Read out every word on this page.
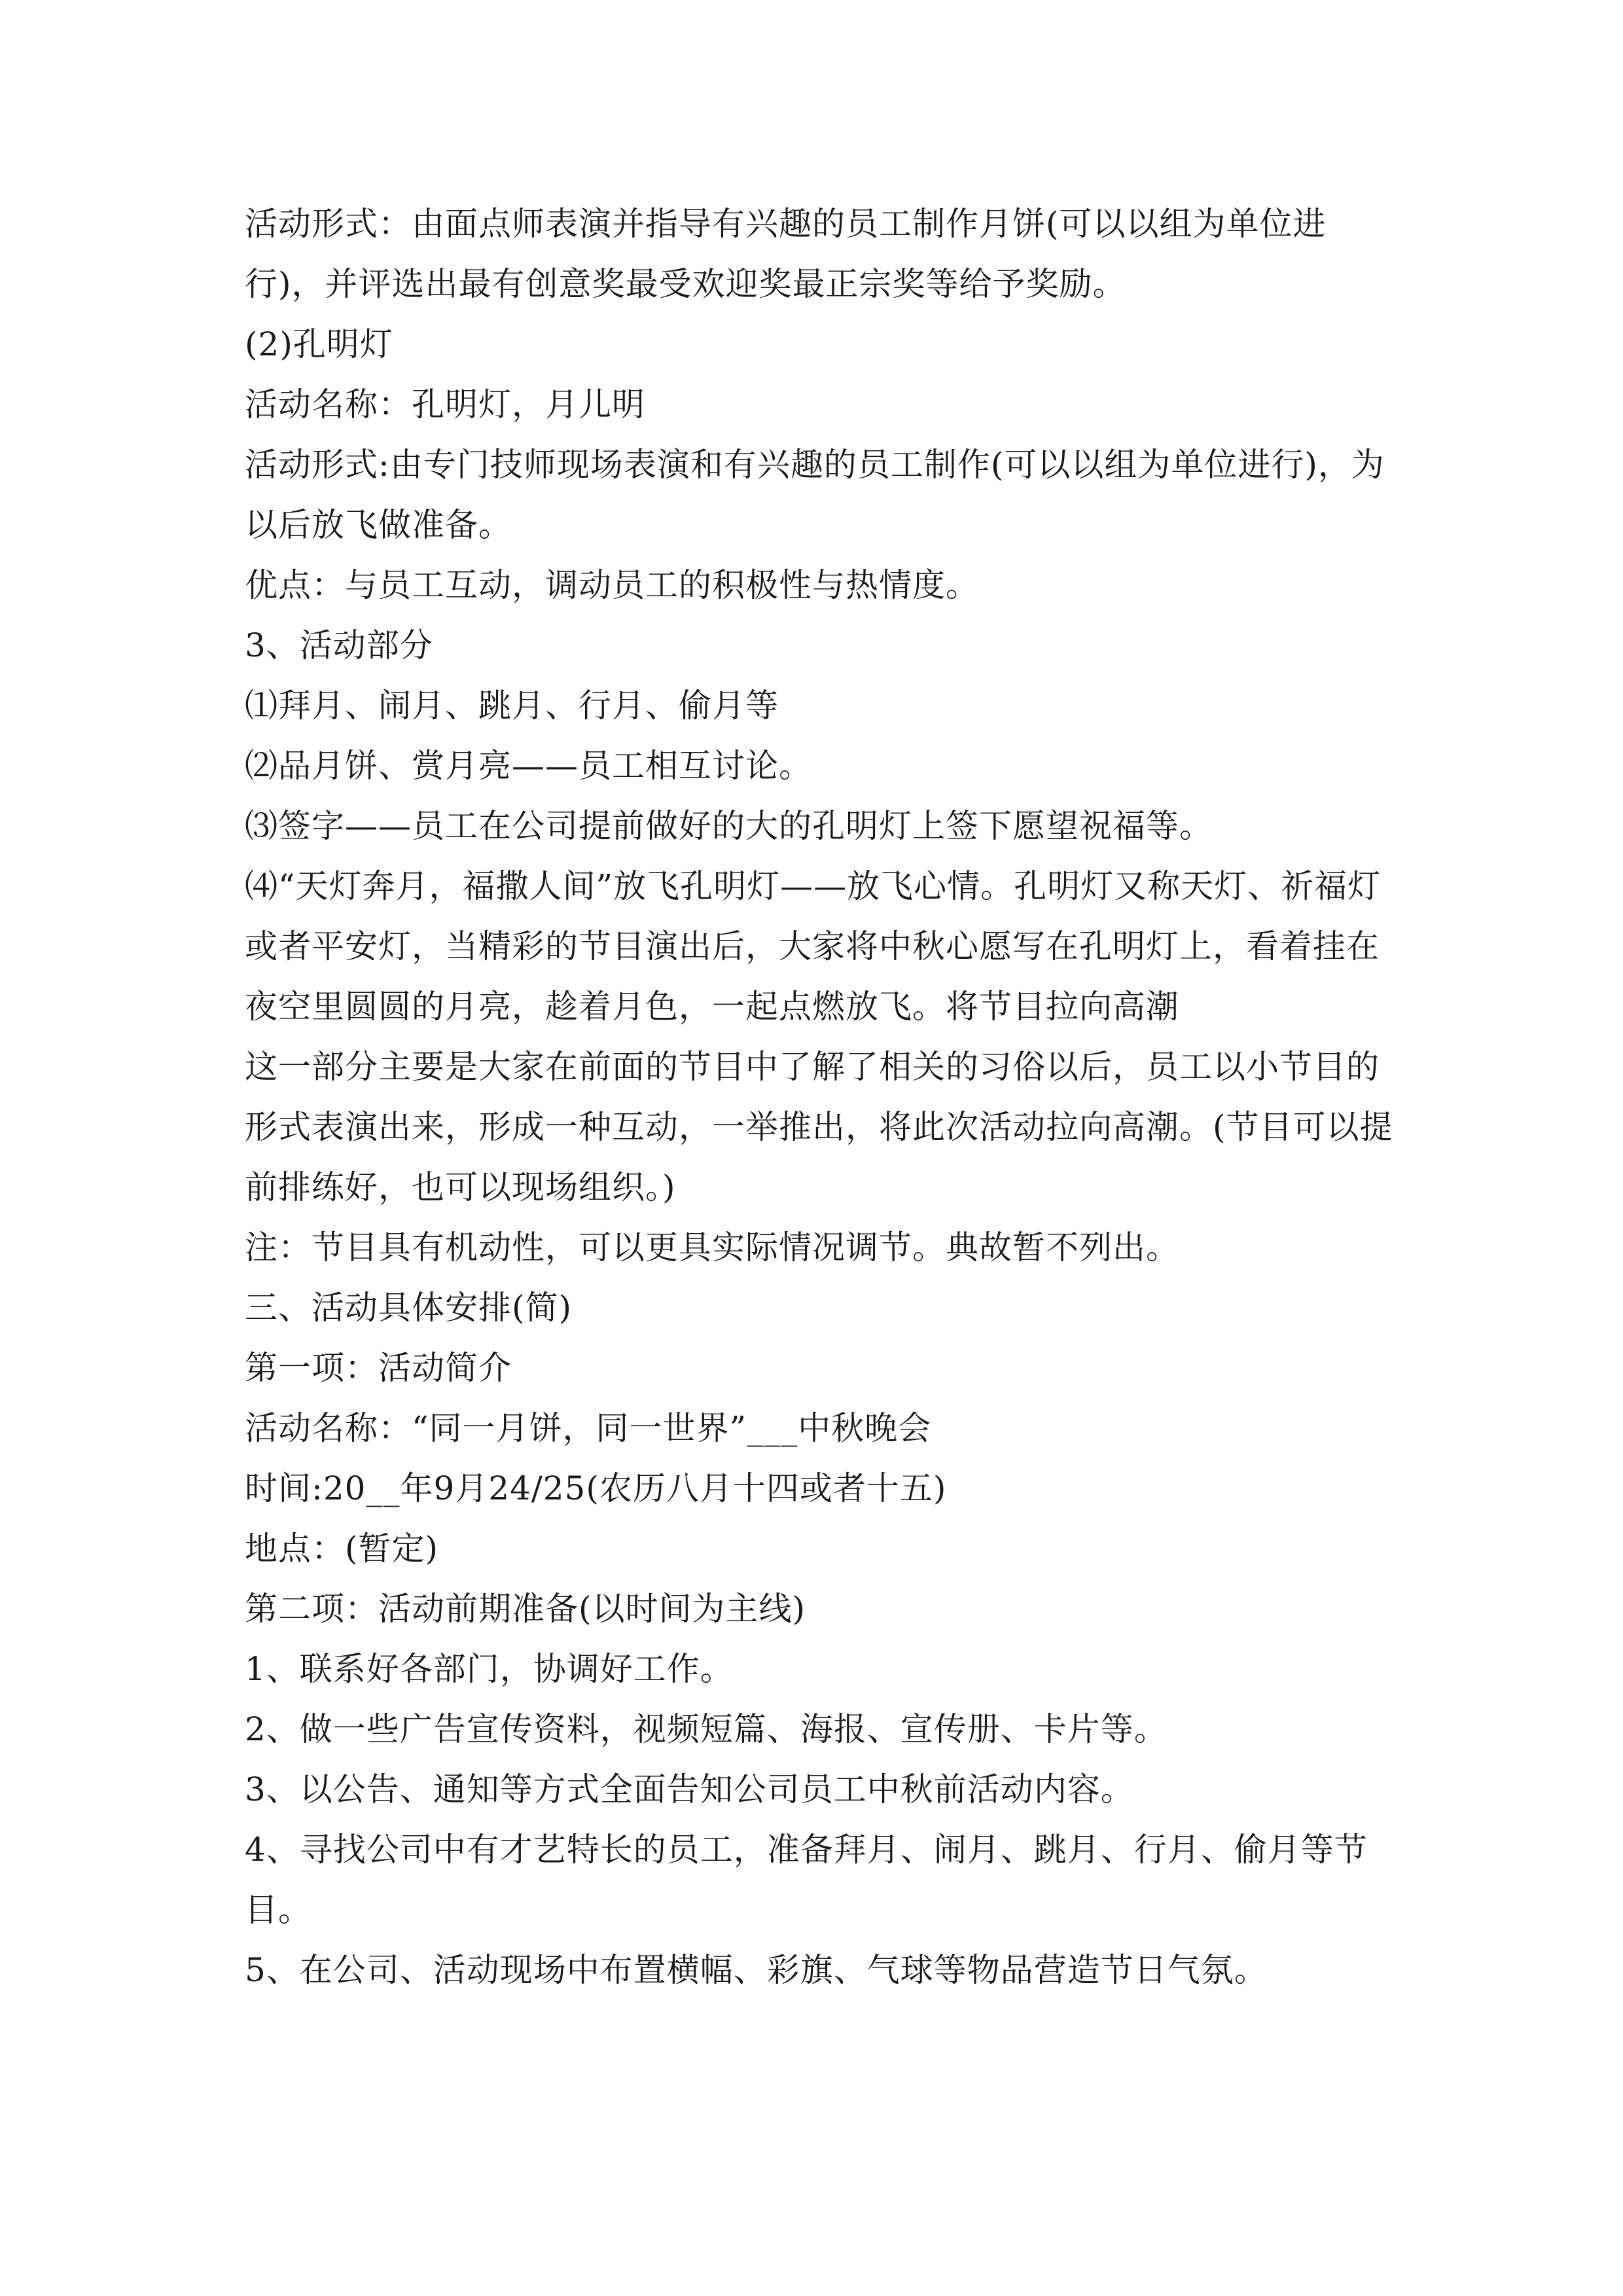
活动形式：由面点师表演并指导有兴趣的员工制作月饼(可以以组为单位进行)，并评选出最有创意奖最受欢迎奖最正宗奖等给予奖励。

(2)孔明灯

活动名称：孔明灯，月儿明

活动形式:由专门技师现场表演和有兴趣的员工制作(可以以组为单位进行)，为以后放飞做准备。

优点：与员工互动，调动员工的积极性与热情度。

3、活动部分

⑴拜月、闹月、跳月、行月、偷月等

⑵品月饼、赏月亮——员工相互讨论。

⑶签字——员工在公司提前做好的大的孔明灯上签下愿望祝福等。

⑷“天灯奔月，福撒人间”放飞孔明灯——放飞心情。孔明灯又称天灯、祈福灯或者平安灯，当精彩的节目演出后，大家将中秋心愿写在孔明灯上，看着挂在夜空里圆圆的月亮，趁着月色，一起点燃放飞。将节目拉向高潮

这一部分主要是大家在前面的节目中了解了相关的习俗以后，员工以小节目的形式表演出来，形成一种互动，一举推出，将此次活动拉向高潮。(节目可以提前排练好，也可以现场组织。)

注：节目具有机动性，可以更具实际情况调节。典故暂不列出。

三、活动具体安排(简)

第一项：活动简介

活动名称：“同一月饼，同一世界”___中秋晚会

时间:20__年9月24/25(农历八月十四或者十五)

地点：(暂定)

第二项：活动前期准备(以时间为主线)

1、联系好各部门，协调好工作。

2、做一些广告宣传资料，视频短篇、海报、宣传册、卡片等。

3、以公告、通知等方式全面告知公司员工中秋前活动内容。

4、寻找公司中有才艺特长的员工，准备拜月、闹月、跳月、行月、偷月等节目。

5、在公司、活动现场中布置横幅、彩旗、气球等物品营造节日气氛。
